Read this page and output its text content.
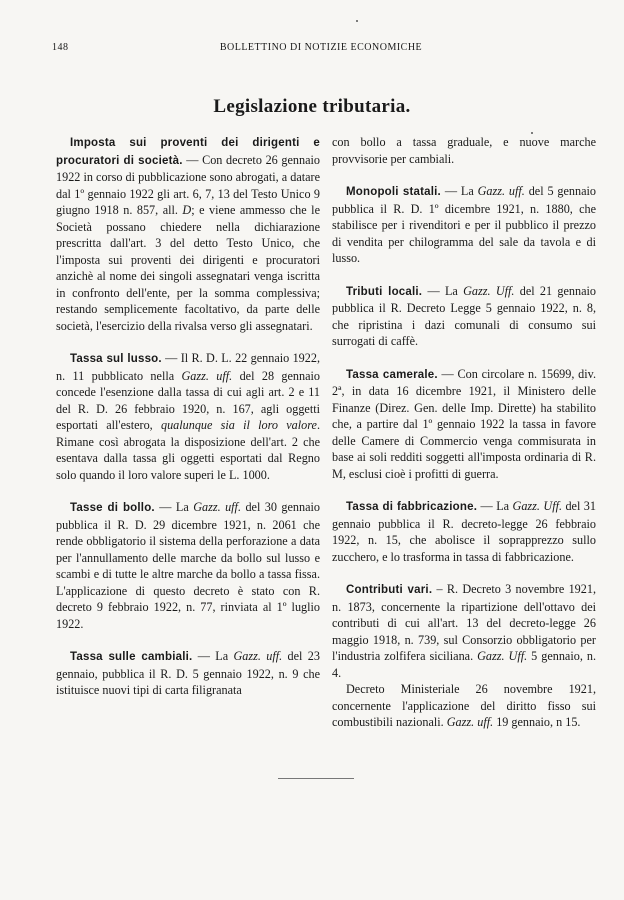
148	BOLLETTINO DI NOTIZIE ECONOMICHE
Legislazione tributaria.

Imposta sui proventi dei dirigenti e procuratori di società. — Con decreto 26 gennaio 1922 in corso di pubblicazione sono abrogati, a datare dal 1º gennaio 1922 gli art. 6, 7, 13 del Testo Unico 9 giugno 1918 n. 857, all. D; e viene ammesso che le Società possano chiedere nella dichiarazione prescritta dall'art. 3 del detto Testo Unico, che l'imposta sui proventi dei dirigenti e procuratori anzichè al nome dei singoli assegnatari venga iscritta in confronto dell'ente, per la somma complessiva; restando semplicemente facoltativo, da parte delle società, l'esercizio della rivalsa verso gli assegnatari.

Tassa sul lusso. — Il R. D. L. 22 gennaio 1922, n. 11 pubblicato nella Gazz. uff. del 28 gennaio concede l'esenzione dalla tassa di cui agli art. 2 e 11 del R. D. 26 febbraio 1920, n. 167, agli oggetti esportati all'estero, qualunque sia il loro valore. Rimane così abrogata la disposizione dell'art. 2 che esentava dalla tassa gli oggetti esportati dal Regno solo quando il loro valore superi le L. 1000.

Tasse di bollo. — La Gazz. uff. del 30 gennaio pubblica il R. D. 29 dicembre 1921, n. 2061 che rende obbligatorio il sistema della perforazione a data per l'annullamento delle marche da bollo sul lusso e scambi e di tutte le altre marche da bollo a tassa fissa. L'applicazione di questo decreto è stato con R. decreto 9 febbraio 1922, n. 77, rinviata al 1º luglio 1922.

Tassa sulle cambiali. — La Gazz. uff. del 23 gennaio, pubblica il R. D. 5 gennaio 1922, n. 9 che istituisce nuovi tipi di carta filigranata

con bollo a tassa graduale, e nuove marche provvisorie per cambiali.

Monopoli statali. — La Gazz. uff. del 5 gennaio pubblica il R. D. 1º dicembre 1921, n. 1880, che stabilisce per i rivenditori e per il pubblico il prezzo di vendita per chilogramma del sale da tavola e di lusso.

Tributi locali. — La Gazz. Uff. del 21 gennaio pubblica il R. Decreto Legge 5 gennaio 1922, n. 8, che ripristina i dazi comunali di consumo sui surrogati di caffè.

Tassa camerale. — Con circolare n. 15699, div. 2ª, in data 16 dicembre 1921, il Ministero delle Finanze (Direz. Gen. delle Imp. Dirette) ha stabilito che, a partire dal 1º gennaio 1922 la tassa in favore delle Camere di Commercio venga commisurata in base ai soli redditi soggetti all'imposta ordinaria di R. M, esclusi cioè i profitti di guerra.

Tassa di fabbricazione. — La Gazz. Uff. del 31 gennaio pubblica il R. decreto-legge 26 febbraio 1922, n. 15, che abolisce il soprapprezzo sullo zucchero, e lo trasforma in tassa di fabbricazione.

Contributi vari. – R. Decreto 3 novembre 1921, n. 1873, concernente la ripartizione dell'ottavo dei contributi di cui all'art. 13 del decreto-legge 26 maggio 1918, n. 739, sul Consorzio obbligatorio per l'industria zolfifera siciliana. Gazz. Uff. 5 gennaio, n. 4.

Decreto Ministeriale 26 novembre 1921, concernente l'applicazione del diritto fisso sui combustibili nazionali. Gazz. uff. 19 gennaio, n 15.
